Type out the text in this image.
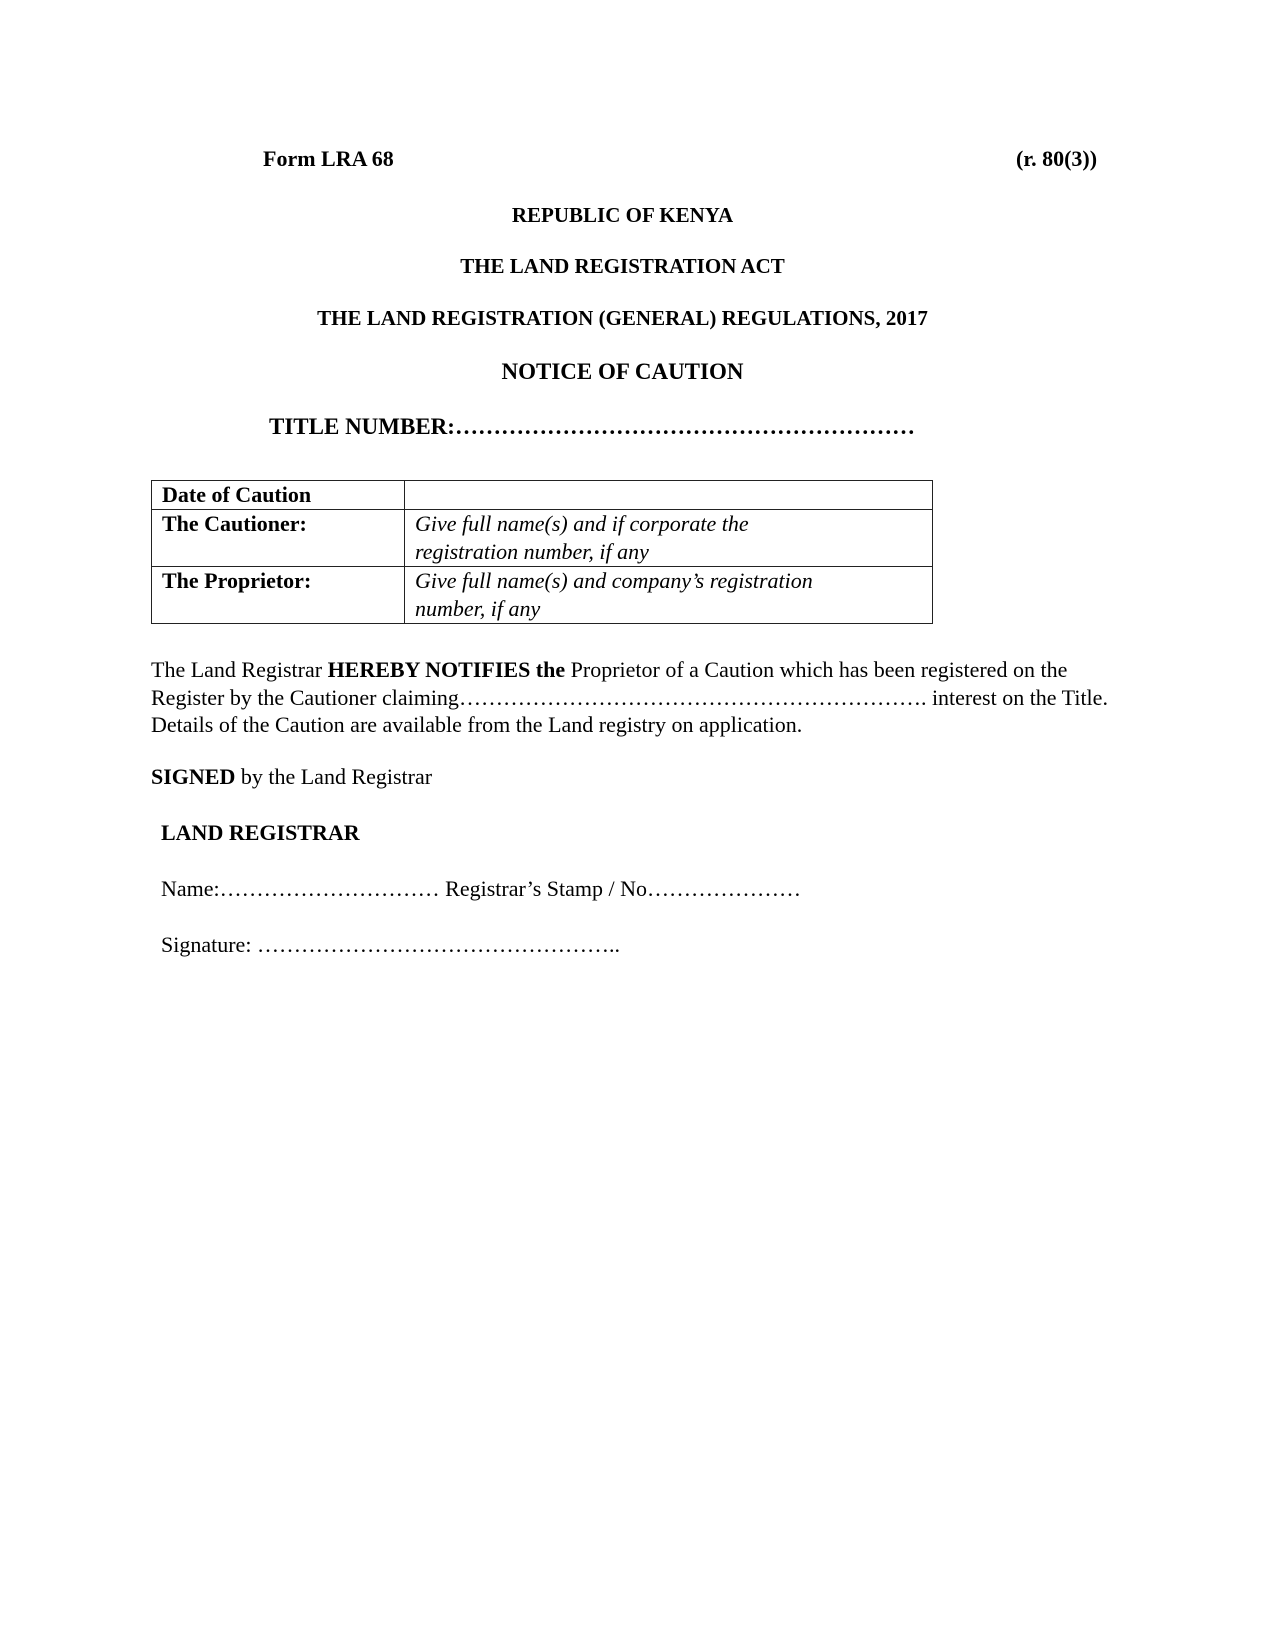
Form LRA 68	(r. 80(3))
REPUBLIC OF KENYA
THE LAND REGISTRATION ACT
THE LAND REGISTRATION (GENERAL) REGULATIONS, 2017
NOTICE OF CAUTION
TITLE NUMBER:……………………………………………………
Date of Caution	
The Cautioner:	Give full name(s) and if corporate the
registration number, if any

The Proprietor:	Give full name(s) and company’s registration
number, if any
The Land Registrar HEREBY NOTIFIES the Proprietor of a Caution which has been registered on the Register by the Cautioner claiming………………………………………………………. interest on the Title. Details of the Caution are available from the Land registry on application.
SIGNED by the Land Registrar
LAND REGISTRAR
Name:………………………… Registrar’s Stamp / No…………………
Signature: …………………………………………..
